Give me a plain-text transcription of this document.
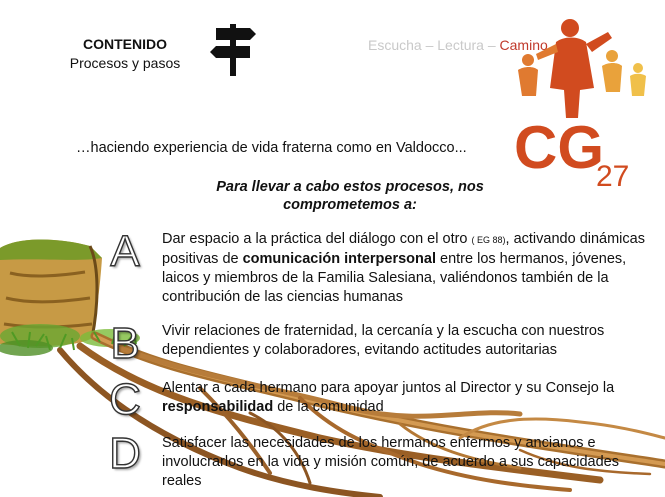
CONTENIDO
Procesos y pasos
Escucha – Lectura – Camino
CG
27
…haciendo experiencia de vida fraterna como en Valdocco...
Para llevar a cabo estos procesos, nos
comprometemos a:
A
B
C
D
Dar espacio a la práctica del diálogo con el otro ( EG 88), activando dinámicas positivas de comunicación interpersonal entre los hermanos, jóvenes, laicos y miembros de la Familia Salesiana, valiéndonos también de la contribución de las ciencias humanas
Vivir relaciones de fraternidad, la cercanía y la escucha con nuestros dependientes y colaboradores, evitando actitudes autoritarias
Alentar a cada hermano para apoyar juntos al Director y su Consejo la responsabilidad de la comunidad
Satisfacer las necesidades de los hermanos enfermos y ancianos e involucrarlos en la vida y misión común, de acuerdo a sus capacidades reales
